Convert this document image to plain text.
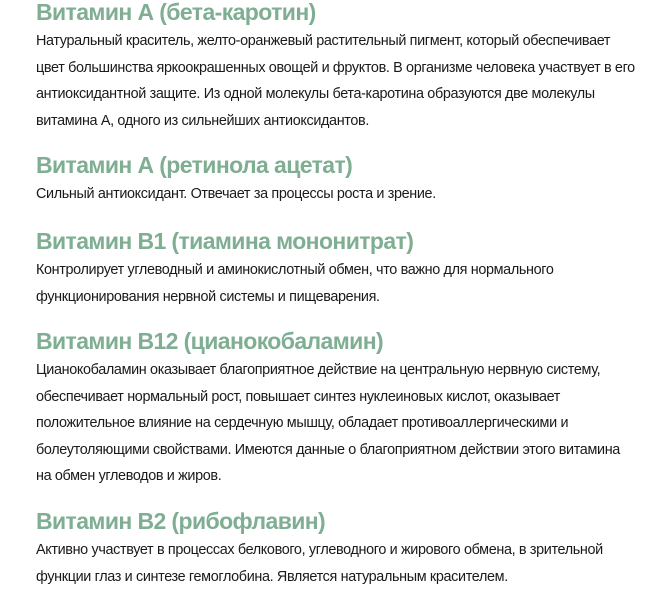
Витамин А (бета-каротин)

Натуральный краситель, желто-оранжевый растительный пигмент, который обеспечивает цвет большинства яркоокрашенных овощей и фруктов. В организме человека участвует в его антиоксидантной защите. Из одной молекулы бета-каротина образуются две молекулы витамина А, одного из сильнейших антиоксидантов.

Витамин А (ретинола ацетат)

Сильный антиоксидант. Отвечает за процессы роста и зрение.

Витамин В1 (тиамина мононитрат)

Контролирует углеводный и аминокислотный обмен, что важно для нормального функционирования нервной системы и пищеварения.

Витамин В12 (цианокобаламин)

Цианокобаламин оказывает благоприятное действие на центральную нервную систему, обеспечивает нормальный рост, повышает синтез нуклеиновых кислот, оказывает положительное влияние на сердечную мышцу, обладает противоаллергическими и болеутоляющими свойствами. Имеются данные о благоприятном действии этого витамина на обмен углеводов и жиров.

Витамин В2 (рибофлавин)

Активно участвует в процессах белкового, углеводного и жирового обмена, в зрительной функции глаз и синтезе гемоглобина. Является натуральным красителем.
